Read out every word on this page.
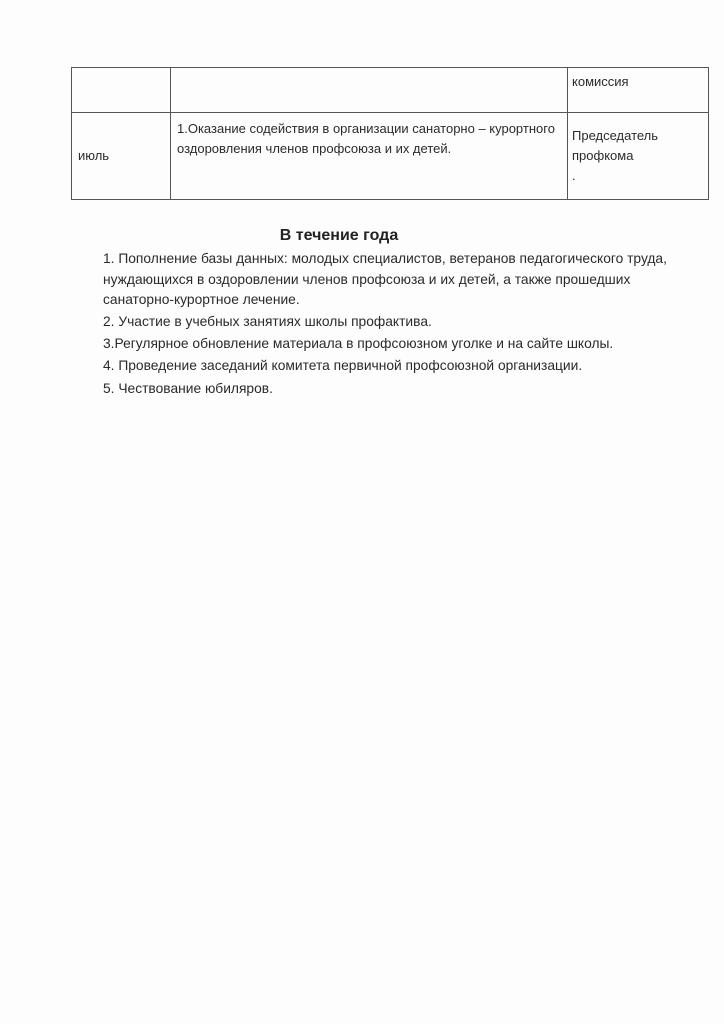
		комиссия

июль	1.Оказание содействия в организации санаторно – курортного оздоровления членов профсоюза и их детей.	Председатель профкома
.
В течение года

1. Пополнение базы данных: молодых специалистов, ветеранов педагогического труда, нуждающихся в оздоровлении членов профсоюза и их детей, а также прошедших санаторно-курортное лечение.

2. Участие в учебных занятиях школы профактива.

3.Регулярное обновление материала в профсоюзном уголке и на сайте школы.

4. Проведение заседаний комитета первичной профсоюзной организации.

5. Чествование юбиляров.
